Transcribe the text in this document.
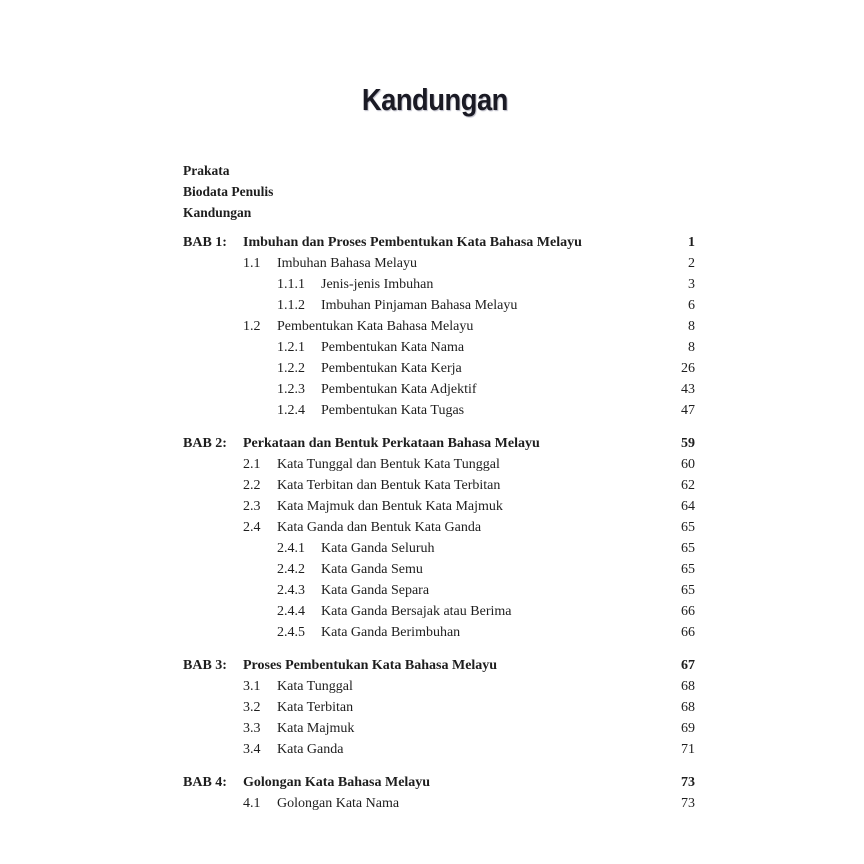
Kandungan
Prakata
Biodata Penulis
Kandungan
BAB 1: Imbuhan dan Proses Pembentukan Kata Bahasa Melayu	1
1.1 Imbuhan Bahasa Melayu	2
1.1.1 Jenis-jenis Imbuhan	3
1.1.2 Imbuhan Pinjaman Bahasa Melayu	6
1.2 Pembentukan Kata Bahasa Melayu	8
1.2.1 Pembentukan Kata Nama	8
1.2.2 Pembentukan Kata Kerja	26
1.2.3 Pembentukan Kata Adjektif	43
1.2.4 Pembentukan Kata Tugas	47
BAB 2: Perkataan dan Bentuk Perkataan Bahasa Melayu	59
2.1 Kata Tunggal dan Bentuk Kata Tunggal	60
2.2 Kata Terbitan dan Bentuk Kata Terbitan	62
2.3 Kata Majmuk dan Bentuk Kata Majmuk	64
2.4 Kata Ganda dan Bentuk Kata Ganda	65
2.4.1 Kata Ganda Seluruh	65
2.4.2 Kata Ganda Semu	65
2.4.3 Kata Ganda Separa	65
2.4.4 Kata Ganda Bersajak atau Berima	66
2.4.5 Kata Ganda Berimbuhan	66
BAB 3: Proses Pembentukan Kata Bahasa Melayu	67
3.1 Kata Tunggal	68
3.2 Kata Terbitan	68
3.3 Kata Majmuk	69
3.4 Kata Ganda	71
BAB 4: Golongan Kata Bahasa Melayu	73
4.1 Golongan Kata Nama	73
